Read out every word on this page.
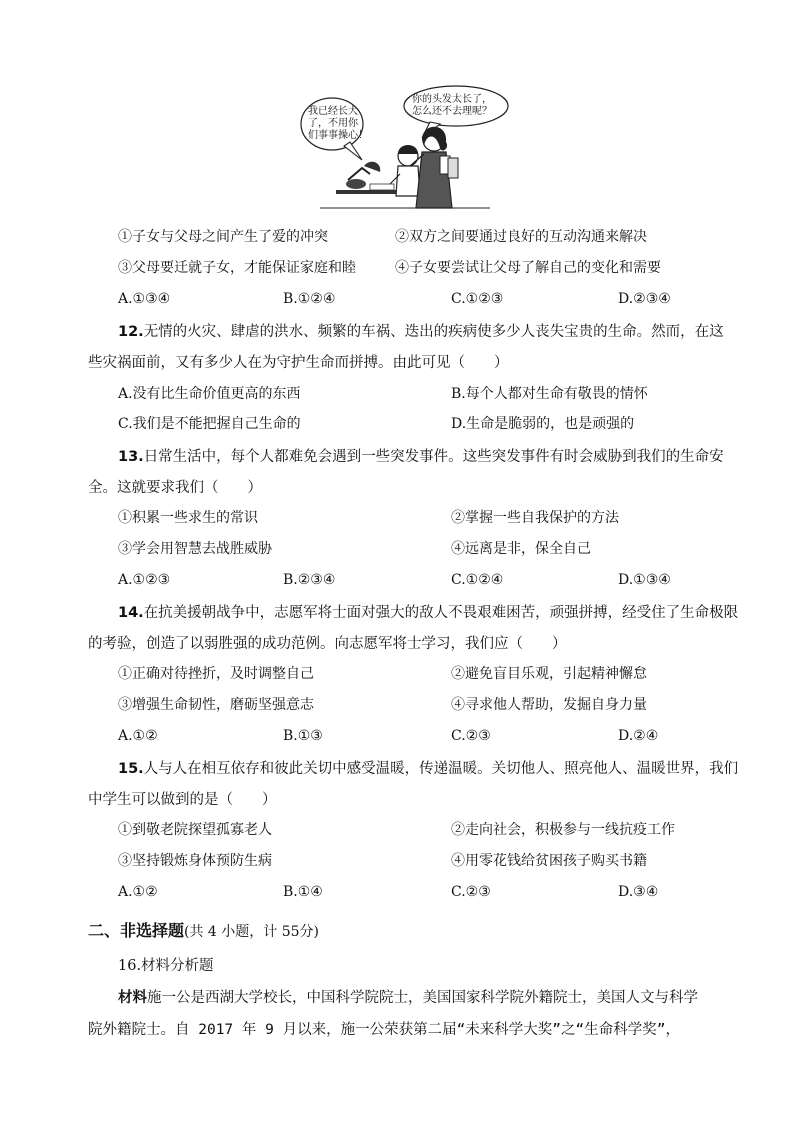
我已经长大
了，不用你
们事事操心！
你的头发太长了，
怎么还不去理呢？
①子女与父母之间产生了爱的冲突	②双方之间要通过良好的互动沟通来解决
③父母要迁就子女，才能保证家庭和睦	④子女要尝试让父母了解自己的变化和需要
A.①③④	B.①②④	C.①②③	D.②③④
12.无情的火灾、肆虐的洪水、频繁的车祸、迭出的疾病使多少人丧失宝贵的生命。然而，在这
些灾祸面前，又有多少人在为守护生命而拼搏。由此可见（　　）
A.没有比生命价值更高的东西	B.每个人都对生命有敬畏的情怀
C.我们是不能把握自己生命的	D.生命是脆弱的，也是顽强的
13.日常生活中，每个人都难免会遇到一些突发事件。这些突发事件有时会威胁到我们的生命安
全。这就要求我们（　　）
①积累一些求生的常识	②掌握一些自我保护的方法
③学会用智慧去战胜威胁	④远离是非，保全自己
A.①②③	B.②③④	C.①②④	D.①③④
14.在抗美援朝战争中，志愿军将士面对强大的敌人不畏艰难困苦，顽强拼搏，经受住了生命极限
的考验，创造了以弱胜强的成功范例。向志愿军将士学习，我们应（　　）
①正确对待挫折，及时调整自己	②避免盲目乐观，引起精神懈怠
③增强生命韧性，磨砺坚强意志	④寻求他人帮助，发掘自身力量
A.①②	B.①③	C.②③	D.②④
15.人与人在相互依存和彼此关切中感受温暖，传递温暖。关切他人、照亮他人、温暖世界，我们
中学生可以做到的是（　　）
①到敬老院探望孤寡老人	②走向社会，积极参与一线抗疫工作
③坚持锻炼身体预防生病	④用零花钱给贫困孩子购买书籍
A.①②	B.①④	C.②③	D.③④
二、非选择题(共 4 小题，计 55分)
16.材料分析题
材料施一公是西湖大学校长，中国科学院院士，美国国家科学院外籍院士，美国人文与科学
院外籍院士。自 2017 年 9 月以来，施一公荣获第二届“未来科学大奖”之“生命科学奖”，
